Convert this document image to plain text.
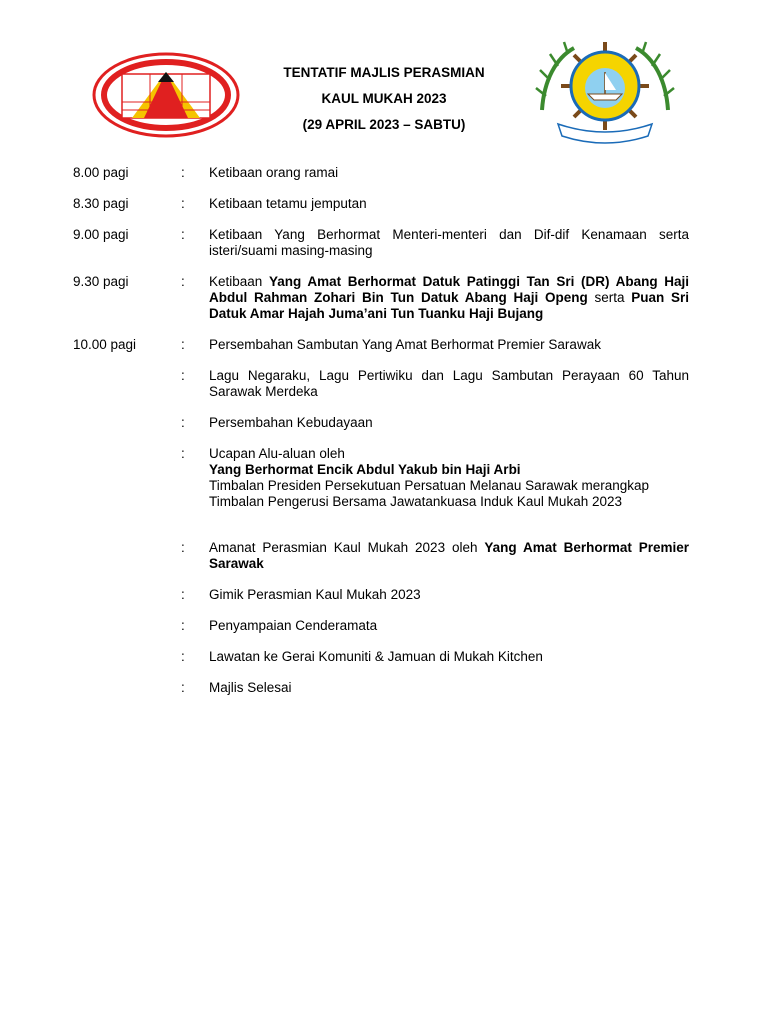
TENTATIF MAJLIS PERASMIAN
KAUL MUKAH 2023
(29 APRIL 2023 – SABTU)
8.00 pagi	:	Ketibaan orang ramai
8.30 pagi	:	Ketibaan tetamu jemputan
9.00 pagi	:	Ketibaan Yang Berhormat Menteri-menteri dan Dif-dif Kenamaan serta isteri/suami masing-masing
9.30 pagi	:	Ketibaan Yang Amat Berhormat Datuk Patinggi Tan Sri (DR) Abang Haji Abdul Rahman Zohari Bin Tun Datuk Abang Haji Openg serta Puan Sri Datuk Amar Hajah Juma’ani Tun Tuanku Haji Bujang
10.00 pagi	:	Persembahan Sambutan Yang Amat Berhormat Premier Sarawak
:	Lagu Negaraku, Lagu Pertiwiku dan Lagu Sambutan Perayaan 60 Tahun Sarawak Merdeka
:	Persembahan Kebudayaan
:	Ucapan Alu-aluan oleh
Yang Berhormat Encik Abdul Yakub bin Haji Arbi
Timbalan Presiden Persekutuan Persatuan Melanau Sarawak merangkap
Timbalan Pengerusi Bersama Jawatankuasa Induk Kaul Mukah 2023
:	Amanat Perasmian Kaul Mukah 2023 oleh Yang Amat Berhormat Premier Sarawak
:	Gimik Perasmian Kaul Mukah 2023
:	Penyampaian Cenderamata
:	Lawatan ke Gerai Komuniti & Jamuan di Mukah Kitchen
:	Majlis Selesai
